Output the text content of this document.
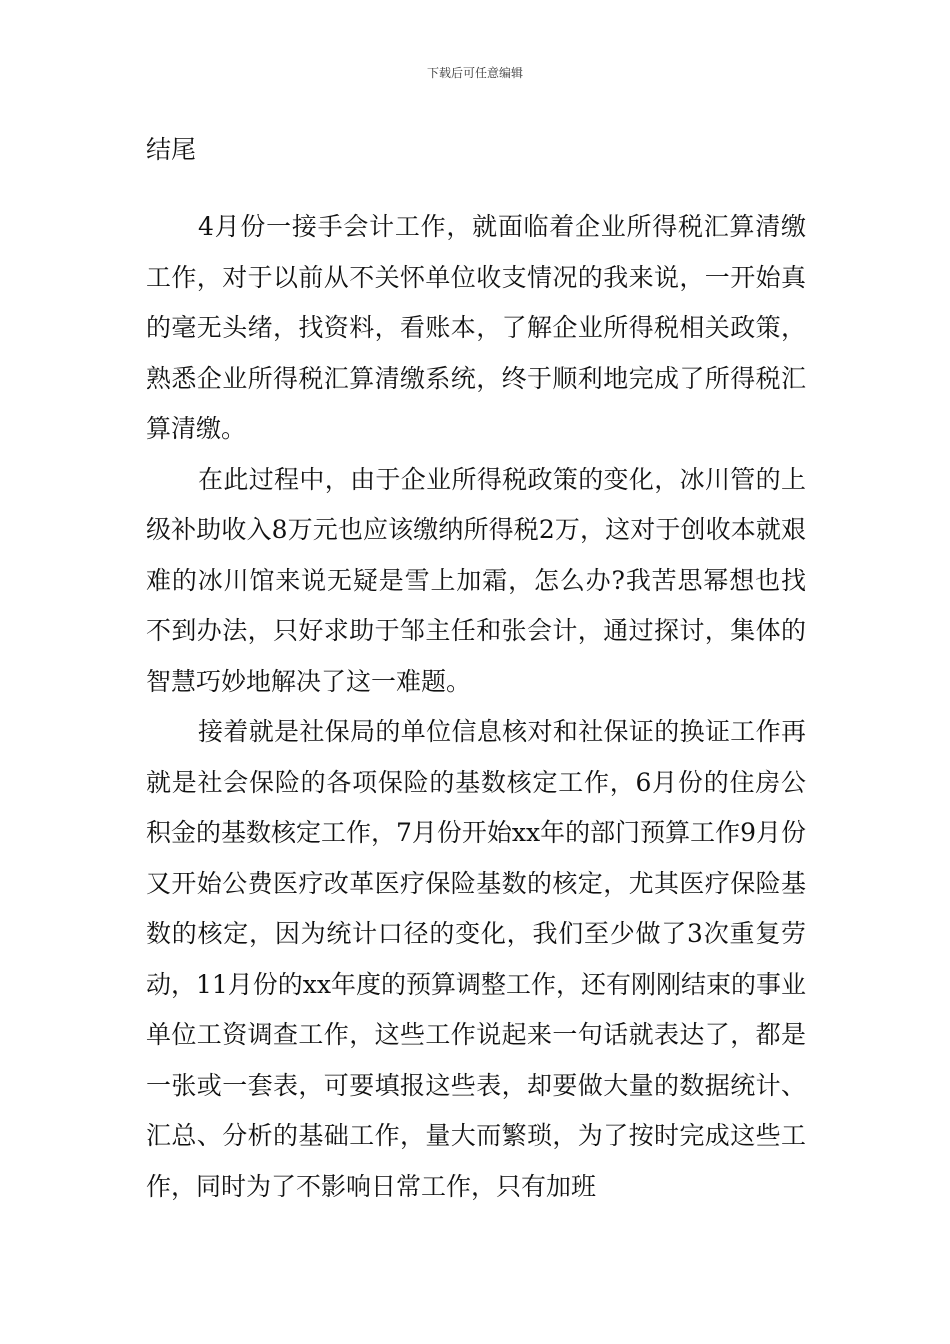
下载后可任意编辑
结尾

4月份一接手会计工作，就面临着企业所得税汇算清缴工作，对于以前从不关怀单位收支情况的我来说，一开始真的毫无头绪，找资料，看账本，了解企业所得税相关政策，熟悉企业所得税汇算清缴系统，终于顺利地完成了所得税汇算清缴。

在此过程中，由于企业所得税政策的变化，冰川管的上级补助收入8万元也应该缴纳所得税2万，这对于创收本就艰难的冰川馆来说无疑是雪上加霜，怎么办?我苦思幂想也找不到办法，只好求助于邹主任和张会计，通过探讨，集体的智慧巧妙地解决了这一难题。

接着就是社保局的单位信息核对和社保证的换证工作再就是社会保险的各项保险的基数核定工作，6月份的住房公积金的基数核定工作，7月份开始xx年的部门预算工作9月份又开始公费医疗改革医疗保险基数的核定，尤其医疗保险基数的核定，因为统计口径的变化，我们至少做了3次重复劳动，11月份的xx年度的预算调整工作，还有刚刚结束的事业单位工资调查工作，这些工作说起来一句话就表达了，都是一张或一套表，可要填报这些表，却要做大量的数据统计、汇总、分析的基础工作，量大而繁琐，为了按时完成这些工作，同时为了不影响日常工作，只有加班
